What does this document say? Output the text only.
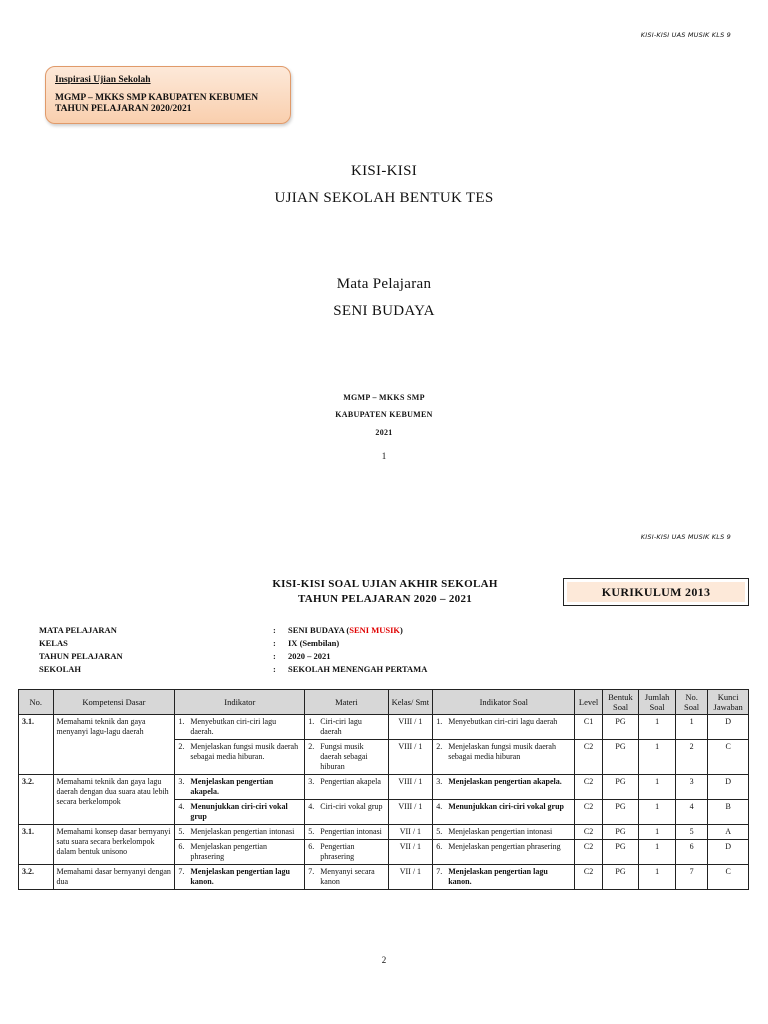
KISI-KISI UAS MUSIK KLS 9
Inspirasi Ujian Sekolah
MGMP – MKKS SMP KABUPATEN KEBUMEN
TAHUN PELAJARAN 2020/2021
KISI-KISI
UJIAN SEKOLAH BENTUK TES
Mata Pelajaran
SENI BUDAYA
MGMP – MKKS SMP
KABUPATEN KEBUMEN
2021
1
KISI-KISI UAS MUSIK KLS 9
KISI-KISI SOAL UJIAN AKHIR SEKOLAH
TAHUN PELAJARAN 2020 – 2021	KURIKULUM 2013
MATA PELAJARAN	:	SENI BUDAYA (SENI MUSIK)
KELAS	:	IX (Sembilan)
TAHUN PELAJARAN	:	2020 – 2021
SEKOLAH	:	SEKOLAH MENENGAH PERTAMA
No.	Kompetensi Dasar	Indikator	Materi	Kelas/ Smt	Indikator Soal	Level	Bentuk Soal	Jumlah Soal	No. Soal	Kunci Jawaban
3.1.	Memahami teknik dan gaya menyanyi lagu-lagu daerah	1. Menyebutkan ciri-ciri lagu daerah.	1. Ciri-ciri lagu daerah	VIII / 1	1. Menyebutkan ciri-ciri lagu daerah	C1	PG	1	1	D

		2. Menjelaskan fungsi musik daerah sebagai media hiburan.	2. Fungsi musik daerah sebagai hiburan	VIII / 1	2. Menjelaskan fungsi musik daerah sebagai media hiburan	C2	PG	1	2	C
3.2.	Memahami teknik dan gaya lagu daerah dengan dua suara atau lebih secara berkelompok	3. Menjelaskan pengertian akapela.	3. Pengertian akapela	VIII / 1	3. Menjelaskan pengertian akapela.	C2	PG	1	3	D

		4. Menunjukkan ciri-ciri vokal grup	4. Ciri-ciri vokal grup	VIII / 1	4. Menunjukkan ciri-ciri vokal grup	C2	PG	1	4	B
3.1.	Memahami konsep dasar bernyanyi satu suara secara berkelompok dalam bentuk unisono	5. Menjelaskan pengertian intonasi	5. Pengertian intonasi	VII / 1	5. Menjelaskan pengertian intonasi	C2	PG	1	5	A

		6. Menjelaskan pengertian phrasering	6. Pengertian phrasering	VII / 1	6. Menjelaskan pengertian phrasering	C2	PG	1	6	D
3.2.	Memahami dasar bernyanyi dengan dua	7. Menjelaskan pengertian lagu kanon.	7. Menyanyi secara kanon	VII / 1	7. Menjelaskan pengertian lagu kanon.	C2	PG	1	7	C
2
